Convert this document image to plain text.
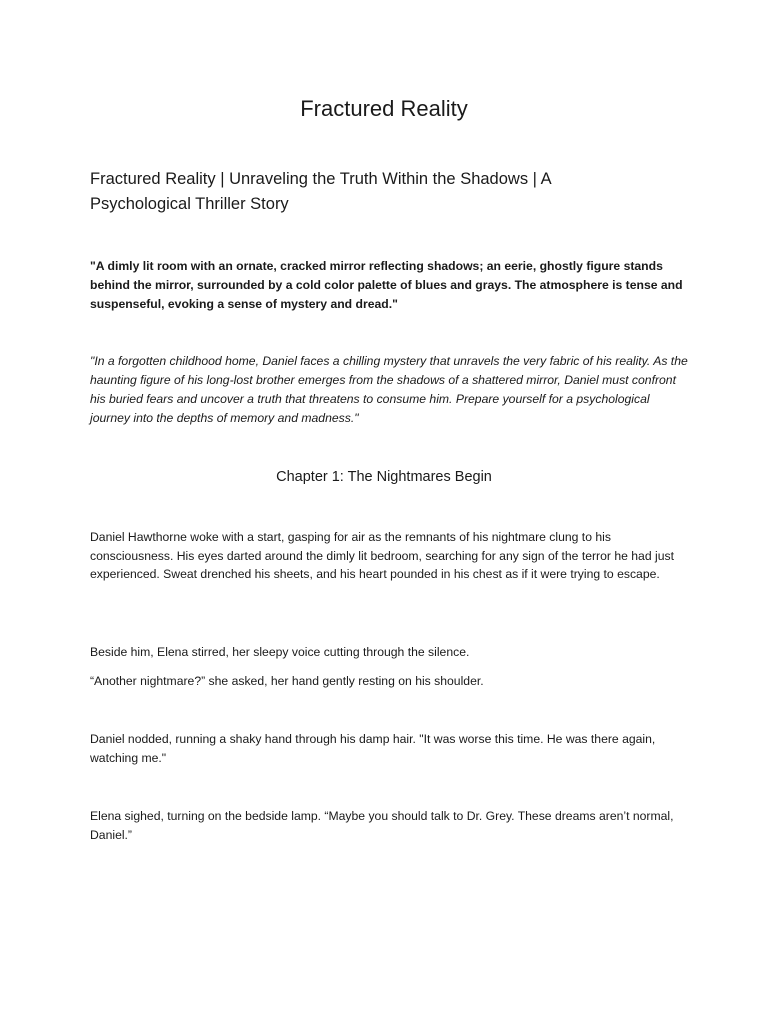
Fractured Reality

Fractured Reality | Unraveling the Truth Within the Shadows | A Psychological Thriller Story

"A dimly lit room with an ornate, cracked mirror reflecting shadows; an eerie, ghostly figure stands behind the mirror, surrounded by a cold color palette of blues and grays. The atmosphere is tense and suspenseful, evoking a sense of mystery and dread."

"In a forgotten childhood home, Daniel faces a chilling mystery that unravels the very fabric of his reality. As the haunting figure of his long-lost brother emerges from the shadows of a shattered mirror, Daniel must confront his buried fears and uncover a truth that threatens to consume him. Prepare yourself for a psychological journey into the depths of memory and madness."

Chapter 1: The Nightmares Begin

Daniel Hawthorne woke with a start, gasping for air as the remnants of his nightmare clung to his consciousness. His eyes darted around the dimly lit bedroom, searching for any sign of the terror he had just experienced. Sweat drenched his sheets, and his heart pounded in his chest as if it were trying to escape.

Beside him, Elena stirred, her sleepy voice cutting through the silence.

“Another nightmare?” she asked, her hand gently resting on his shoulder.

Daniel nodded, running a shaky hand through his damp hair. "It was worse this time. He was there again, watching me."

Elena sighed, turning on the bedside lamp. “Maybe you should talk to Dr. Grey. These dreams aren’t normal, Daniel.”
